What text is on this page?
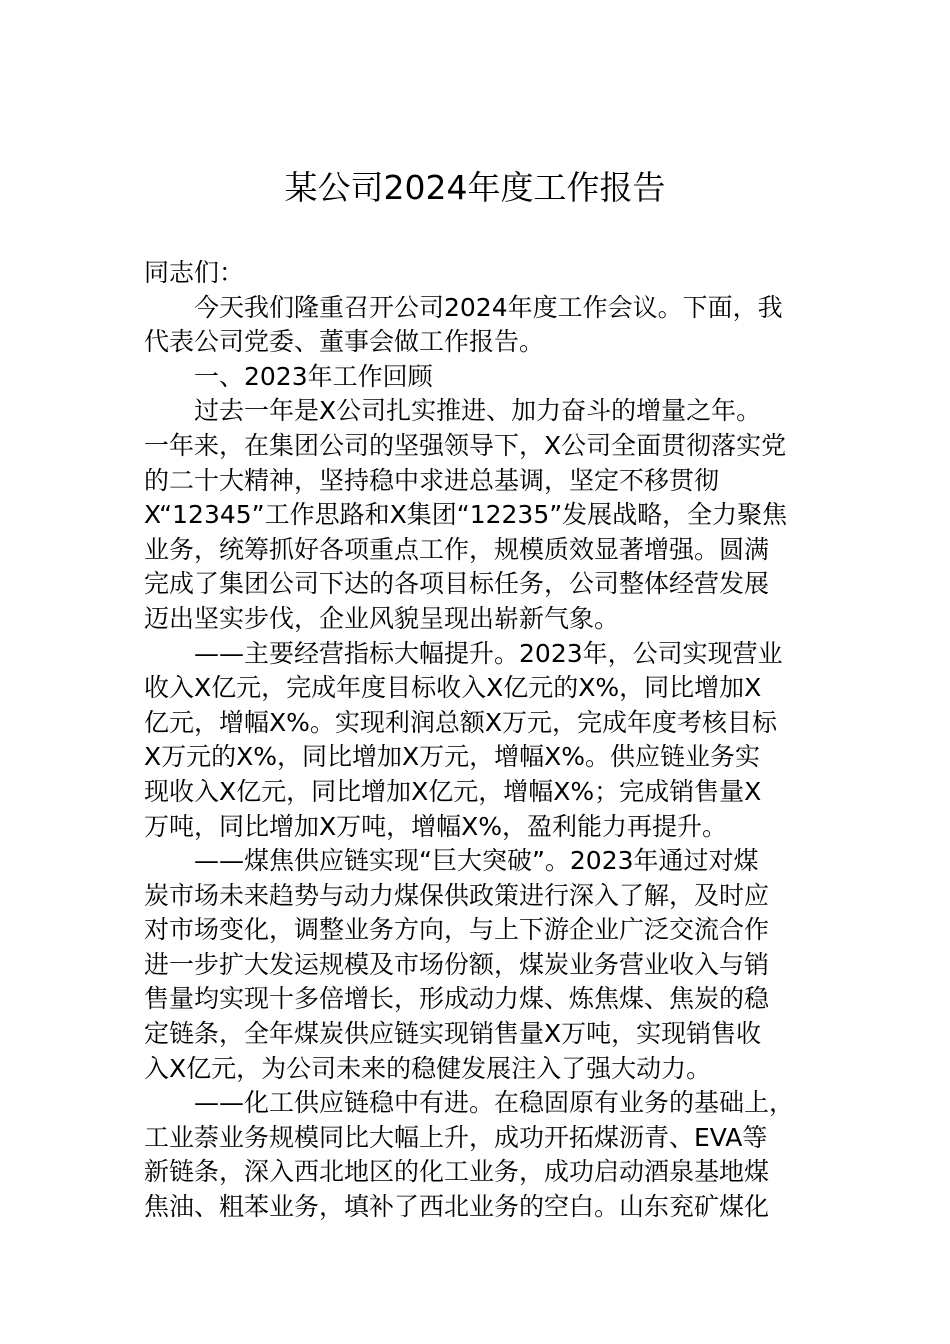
某公司2024年度工作报告
同志们：
今天我们隆重召开公司2024年度工作会议。下面，我
代表公司党委、董事会做工作报告。
一、2023年工作回顾
过去一年是X公司扎实推进、加力奋斗的增量之年。
一年来，在集团公司的坚强领导下，X公司全面贯彻落实党
的二十大精神，坚持稳中求进总基调，坚定不移贯彻
X“12345”工作思路和X集团“12235”发展战略，全力聚焦
业务，统筹抓好各项重点工作，规模质效显著增强。圆满
完成了集团公司下达的各项目标任务，公司整体经营发展
迈出坚实步伐，企业风貌呈现出崭新气象。
——主要经营指标大幅提升。2023年，公司实现营业
收入X亿元，完成年度目标收入X亿元的X%，同比增加X
亿元，增幅X%。实现利润总额X万元，完成年度考核目标
X万元的X%，同比增加X万元，增幅X%。供应链业务实
现收入X亿元，同比增加X亿元，增幅X%；完成销售量X
万吨，同比增加X万吨，增幅X%，盈利能力再提升。
——煤焦供应链实现“巨大突破”。2023年通过对煤
炭市场未来趋势与动力煤保供政策进行深入了解，及时应
对市场变化，调整业务方向，与上下游企业广泛交流合作
进一步扩大发运规模及市场份额，煤炭业务营业收入与销
售量均实现十多倍增长，形成动力煤、炼焦煤、焦炭的稳
定链条，全年煤炭供应链实现销售量X万吨，实现销售收
入X亿元，为公司未来的稳健发展注入了强大动力。
——化工供应链稳中有进。在稳固原有业务的基础上，
工业萘业务规模同比大幅上升，成功开拓煤沥青、EVA等
新链条，深入西北地区的化工业务，成功启动酒泉基地煤
焦油、粗苯业务，填补了西北业务的空白。山东兖矿煤化
